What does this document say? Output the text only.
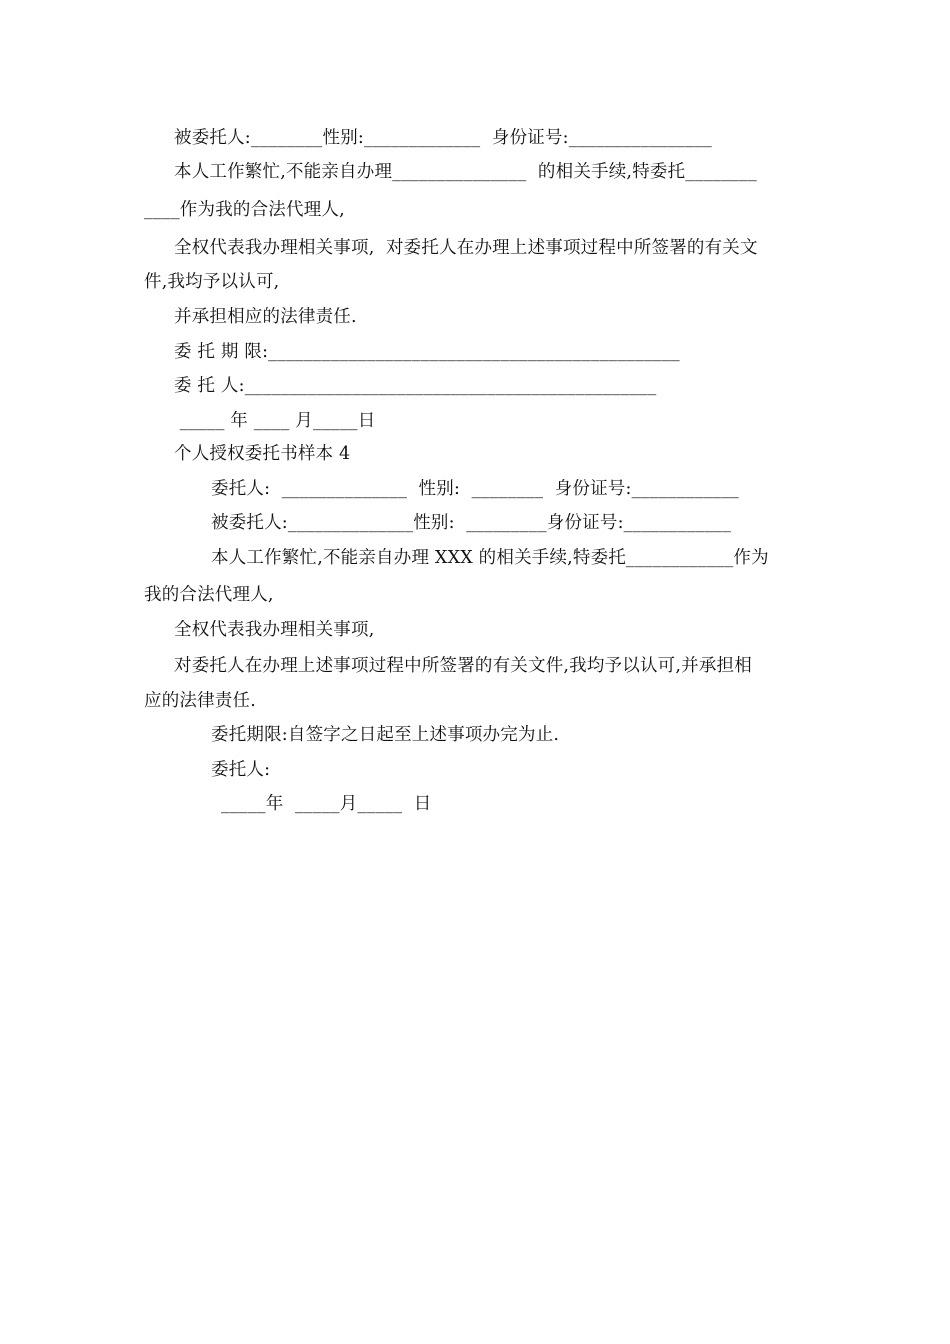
被委托人:________性别:_____________  身份证号:________________
本人工作繁忙,不能亲自办理_______________  的相关手续,特委托________
____作为我的合法代理人,
全权代表我办理相关事项,  对委托人在办理上述事项过程中所签署的有关文
件,我均予以认可,
并承担相应的法律责任.
委 托 期 限:______________________________________________
委 托 人:______________________________________________
_____ 年 ____ 月_____日
个人授权委托书样本 4
委托人:  ______________  性别:  ________  身份证号:____________
被委托人:______________性别:  _________身份证号:____________
本人工作繁忙,不能亲自办理 XXX 的相关手续,特委托____________作为
我的合法代理人,
全权代表我办理相关事项,
对委托人在办理上述事项过程中所签署的有关文件,我均予以认可,并承担相
应的法律责任.
委托期限:自签字之日起至上述事项办完为止.
委托人:
_____年  _____月_____  日
